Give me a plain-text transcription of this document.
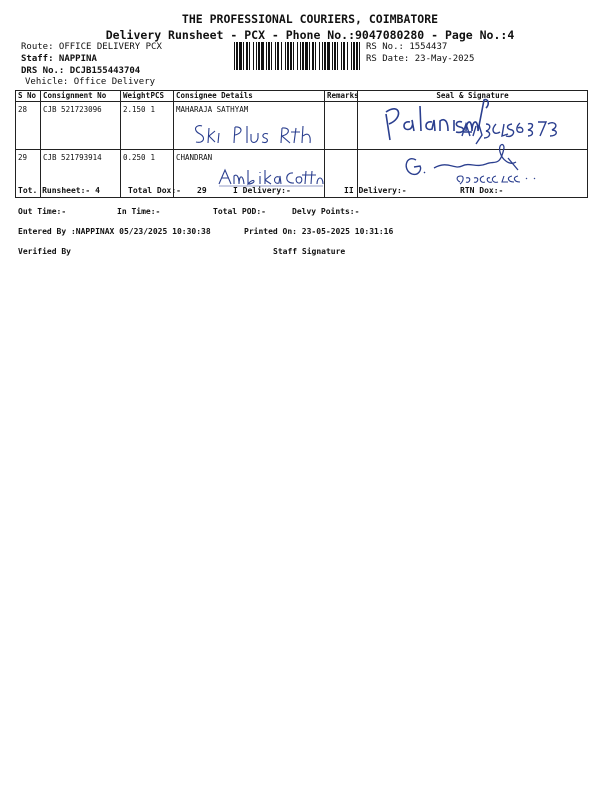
THE PROFESSIONAL COURIERS, COIMBATORE
Delivery Runsheet - PCX - Phone No.:9047080280 - Page No.:4
Route: OFFICE DELIVERY PCX
Staff: NAPPINA
DRS No.: DCJB155443704
Vehicle: Office Delivery
RS No.: 1554437
RS Date: 23-May-2025
S No	Consignment No	Weight	PCS	Consignee Details	Remarks	Seal & Signature
28	CJB 521723096	2.150	1	MAHARAJA SATHYAM		
29	CJB 521793914	0.250	1	CHANDRAN		
Tot. Runsheet:- 4	Total Dox:- 29	I Delivery:-	II Delivery:-	RTN Dox:-
Out Time:-	In Time:-	Total POD:-	Delvy Points:-
Entered By :NAPPINAX 05/23/2025 10:30:38	Printed On: 23-05-2025 10:31:16
Verified By	Staff Signature
